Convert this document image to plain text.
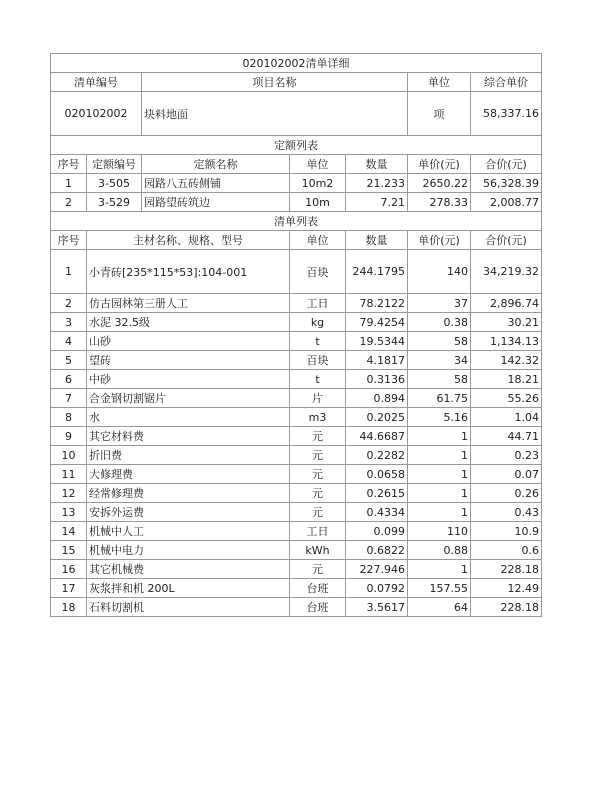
020102002清单详细						
清单编号		项目名称			单位	综合单价
020102002		块料地面			项	58,337.16
定额列表						
序号	定额编号	定额名称	单位	数量	单价(元)	合价(元)
1	3-505	园路八五砖侧铺	10m2	21.233	2650.22	56,328.39
2	3-529	园路望砖筑边	10m	7.21	278.33	2,008.77
清单列表						
序号	主材名称、规格、型号		单位	数量	单价(元)	合价(元)
1	小青砖[235*115*53]:104-001		百块	244.1795	140	34,219.32
2	仿古园林第三册人工		工日	78.2122	37	2,896.74
3	水泥 32.5级		kg	79.4254	0.38	30.21
4	山砂		t	19.5344	58	1,134.13
5	望砖		百块	4.1817	34	142.32
6	中砂		t	0.3136	58	18.21
7	合金钢切割锯片		片	0.894	61.75	55.26
8	水		m3	0.2025	5.16	1.04
9	其它材料费		元	44.6687	1	44.71
10	折旧费		元	0.2282	1	0.23
11	大修理费		元	0.0658	1	0.07
12	经常修理费		元	0.2615	1	0.26
13	安拆外运费		元	0.4334	1	0.43
14	机械中人工		工日	0.099	110	10.9
15	机械中电力		kWh	0.6822	0.88	0.6
16	其它机械费		元	227.946	1	228.18
17	灰浆拌和机 200L		台班	0.0792	157.55	12.49
18	石料切割机		台班	3.5617	64	228.18
